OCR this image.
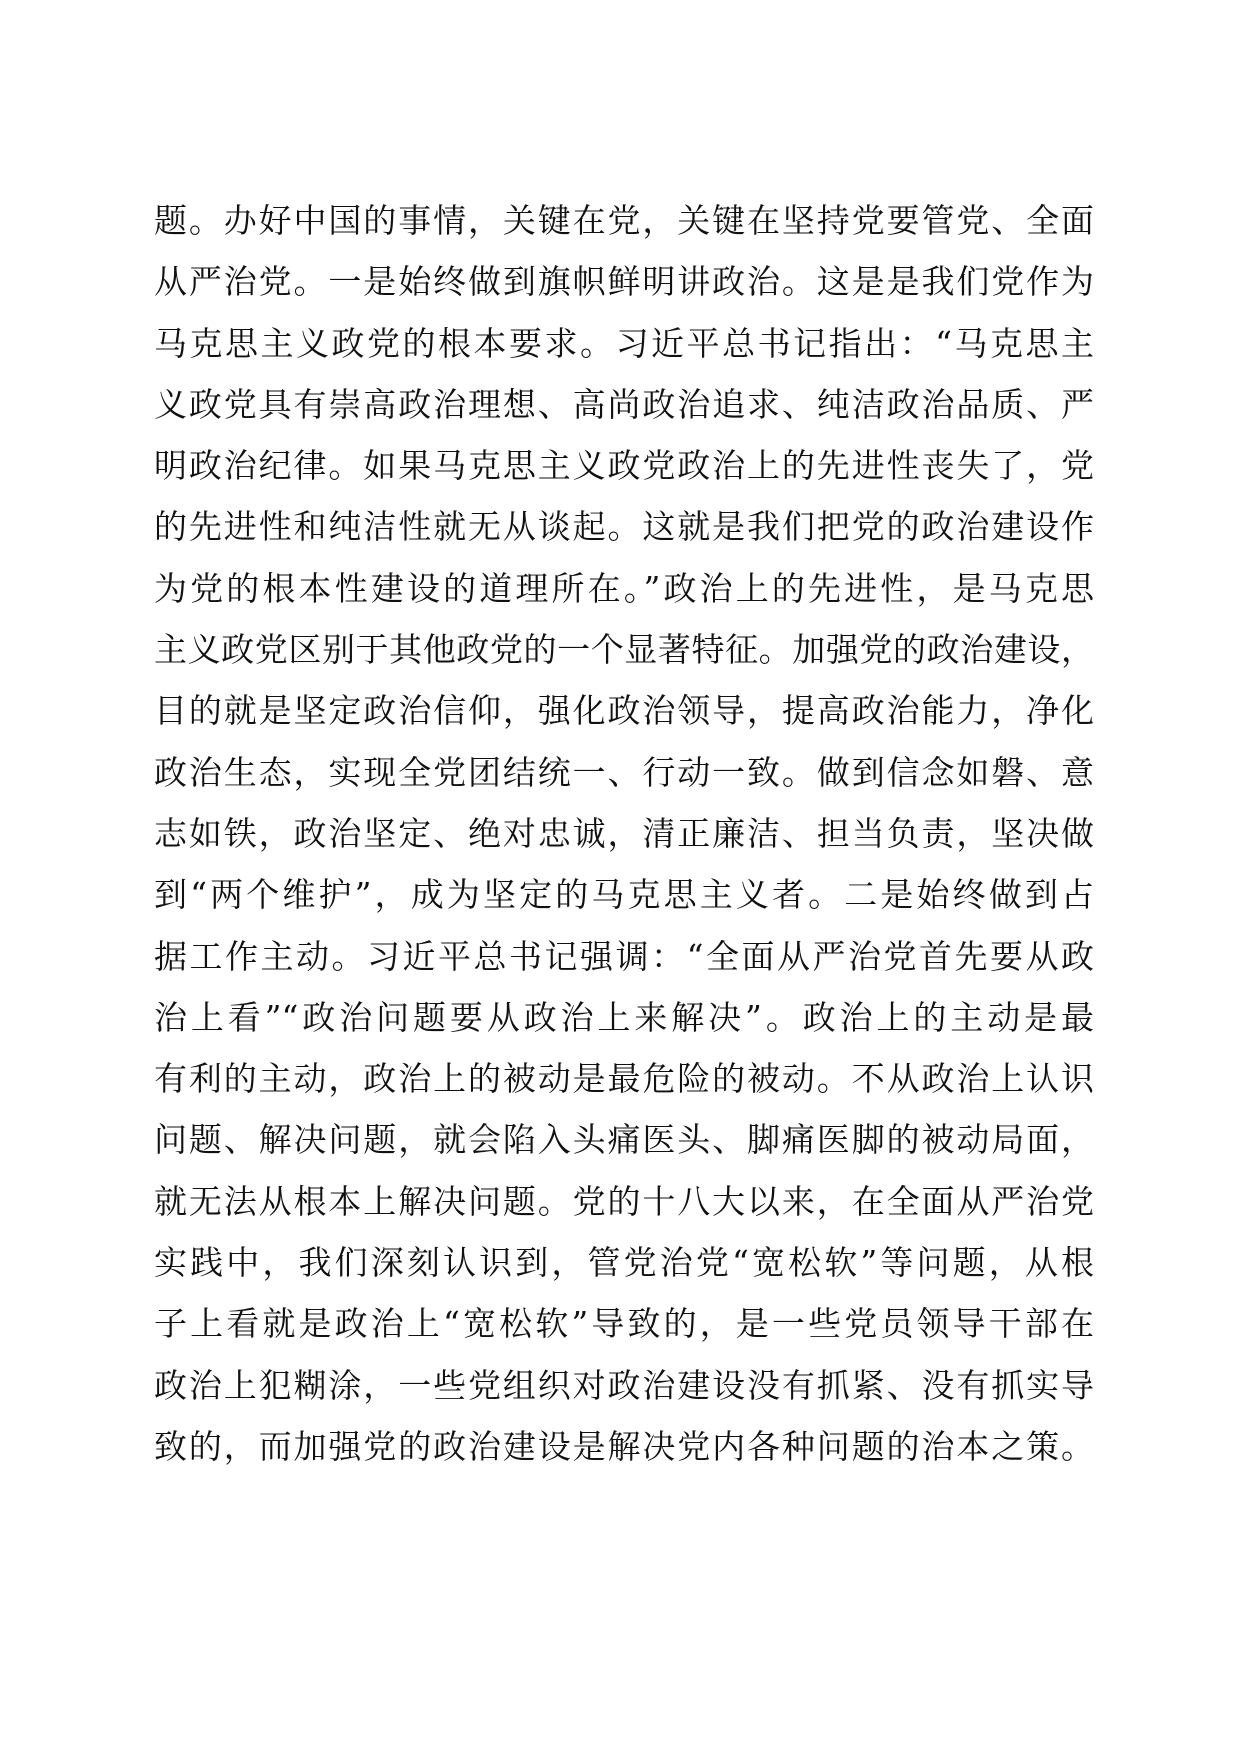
题。办好中国的事情，关键在党，关键在坚持党要管党、全面
从严治党。一是始终做到旗帜鲜明讲政治。这是是我们党作为
马克思主义政党的根本要求。习近平总书记指出：“马克思主
义政党具有崇高政治理想、高尚政治追求、纯洁政治品质、严
明政治纪律。如果马克思主义政党政治上的先进性丧失了，党
的先进性和纯洁性就无从谈起。这就是我们把党的政治建设作
为党的根本性建设的道理所在。”政治上的先进性，是马克思
主义政党区别于其他政党的一个显著特征。加强党的政治建设，
目的就是坚定政治信仰，强化政治领导，提高政治能力，净化
政治生态，实现全党团结统一、行动一致。做到信念如磐、意
志如铁，政治坚定、绝对忠诚，清正廉洁、担当负责，坚决做
到“两个维护”，成为坚定的马克思主义者。二是始终做到占
据工作主动。习近平总书记强调：“全面从严治党首先要从政
治上看”“政治问题要从政治上来解决”。政治上的主动是最
有利的主动，政治上的被动是最危险的被动。不从政治上认识
问题、解决问题，就会陷入头痛医头、脚痛医脚的被动局面，
就无法从根本上解决问题。党的十八大以来，在全面从严治党
实践中，我们深刻认识到，管党治党“宽松软”等问题，从根
子上看就是政治上“宽松软”导致的，是一些党员领导干部在
政治上犯糊涂，一些党组织对政治建设没有抓紧、没有抓实导
致的，而加强党的政治建设是解决党内各种问题的治本之策。
